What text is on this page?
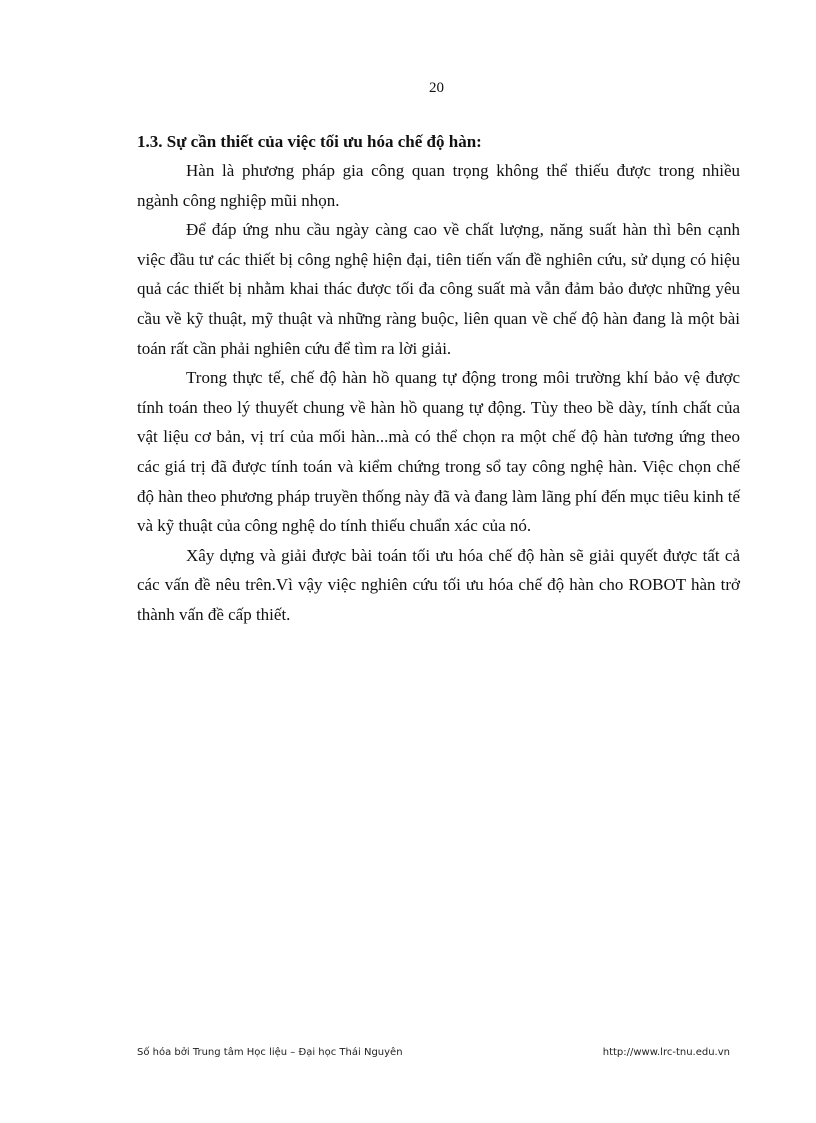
20
1.3. Sự cần thiết của việc tối ưu hóa chế độ hàn:

Hàn là phương pháp gia công quan trọng không thể thiếu được trong nhiều ngành công nghiệp mũi nhọn.

Để đáp ứng nhu cầu ngày càng cao về chất lượng, năng suất hàn thì bên cạnh việc đầu tư các thiết bị công nghệ hiện đại, tiên tiến vấn đề nghiên cứu, sử dụng có hiệu quả các thiết bị nhằm khai thác được tối đa công suất mà vẫn đảm bảo được những yêu cầu về kỹ thuật, mỹ thuật và những ràng buộc, liên quan về chế độ hàn đang là một bài toán rất cần phải nghiên cứu để tìm ra lời giải.

Trong thực tế, chế độ hàn hồ quang tự động trong môi trường khí bảo vệ được tính toán theo lý thuyết chung về hàn hồ quang tự động. Tùy theo bề dày, tính chất của vật liệu cơ bản, vị trí của mối hàn...mà có thể chọn ra một chế độ hàn tương ứng theo các giá trị đã được tính toán và kiểm chứng trong sổ tay công nghệ hàn. Việc chọn chế độ hàn theo phương pháp truyền thống này đã và đang làm lãng phí đến mục tiêu kinh tế và kỹ thuật của công nghệ do tính thiếu chuẩn xác của nó.

Xây dựng và giải được bài toán tối ưu hóa chế độ hàn sẽ giải quyết được tất cả các vấn đề nêu trên.Vì vậy việc nghiên cứu tối ưu hóa chế độ hàn cho ROBOT hàn trở thành vấn đề cấp thiết.

Số hóa bởi Trung tâm Học liệu – Đại học Thái Nguyên	http://www.lrc-tnu.edu.vn
